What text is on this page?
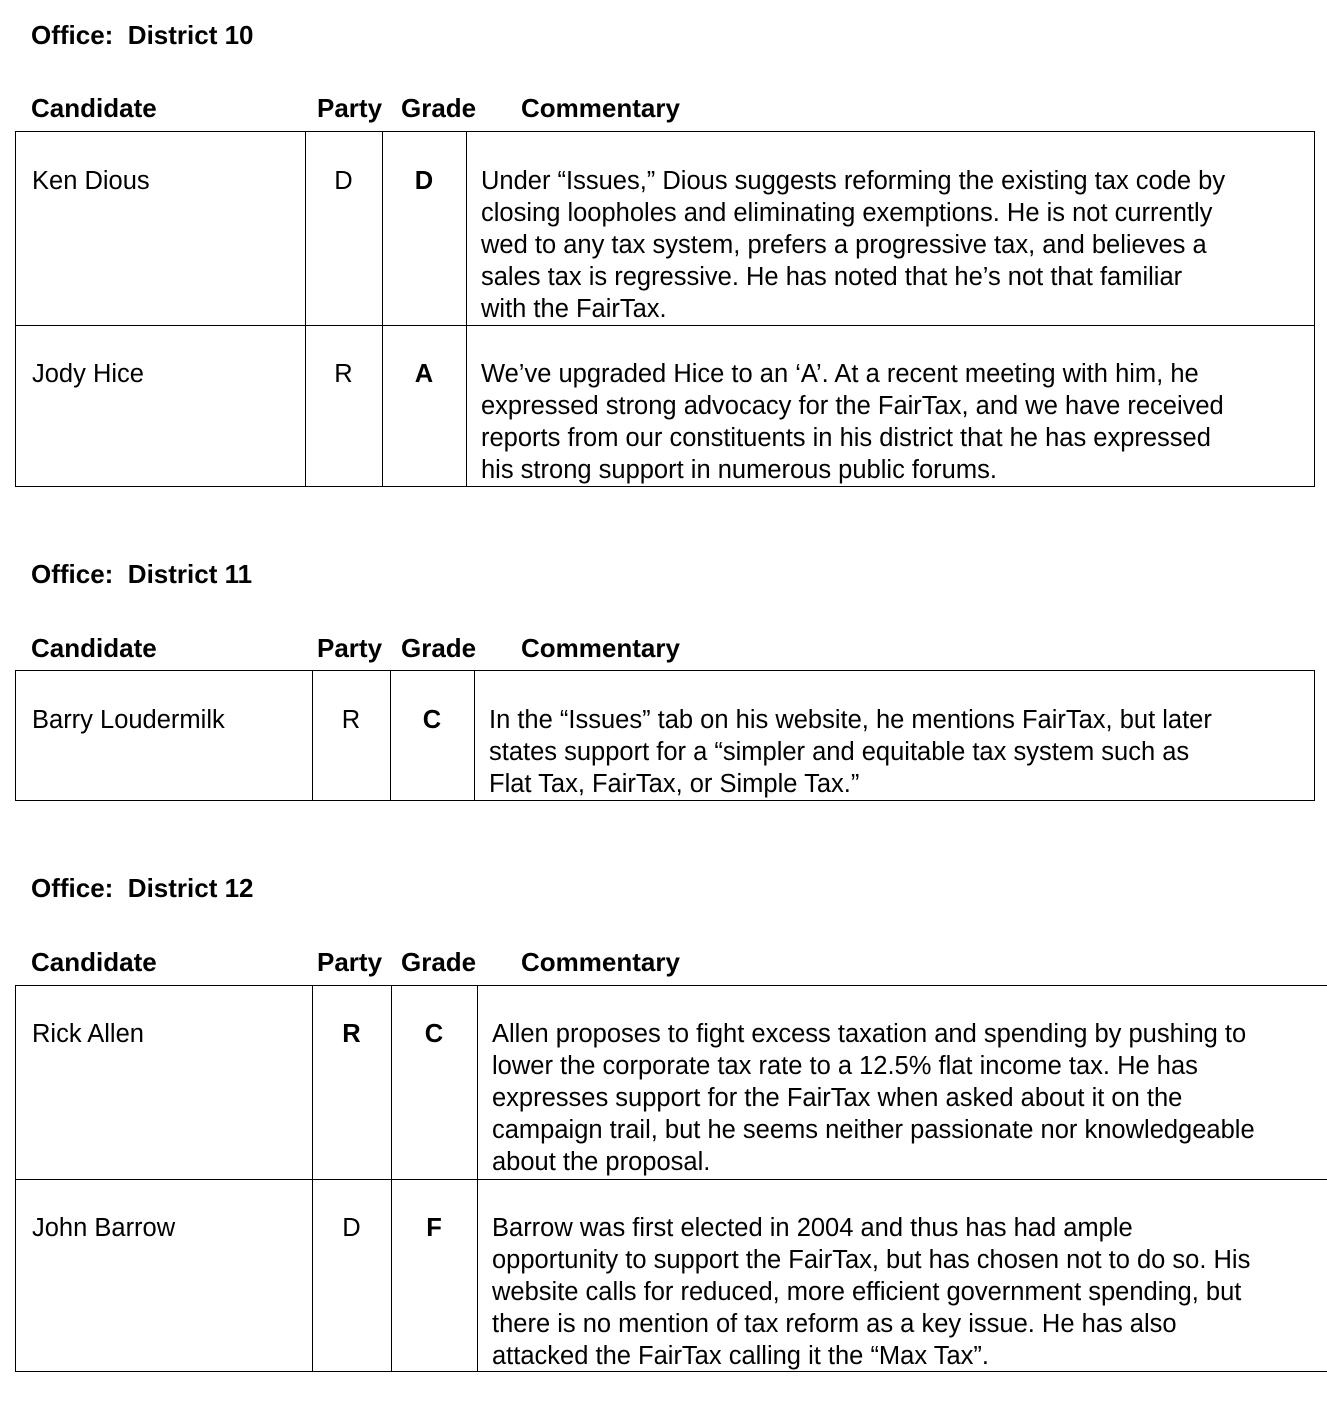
Office:  District 10
Candidate	Party Grade Commentary
Ken Dious	D	D	Under “Issues,” Dious suggests reforming the existing tax code by
closing loopholes and eliminating exemptions. He is not currently
wed to any tax system, prefers a progressive tax, and believes a
sales tax is regressive. He has noted that he’s not that familiar
with the FairTax.
Jody Hice	R	A	We’ve upgraded Hice to an ‘A’. At a recent meeting with him, he
expressed strong advocacy for the FairTax, and we have received
reports from our constituents in his district that he has expressed
his strong support in numerous public forums.
Office:  District 11
Candidate	Party Grade Commentary
Barry Loudermilk	R	C	In the “Issues” tab on his website, he mentions FairTax, but later
states support for a “simpler and equitable tax system such as
Flat Tax, FairTax, or Simple Tax.”
Office:  District 12
Candidate	Party Grade Commentary
Rick Allen	R	C	Allen proposes to fight excess taxation and spending by pushing to
lower the corporate tax rate to a 12.5% flat income tax. He has
expresses support for the FairTax when asked about it on the
campaign trail, but he seems neither passionate nor knowledgeable
about the proposal.
John Barrow	D	F	Barrow was first elected in 2004 and thus has had ample
opportunity to support the FairTax, but has chosen not to do so. His
website calls for reduced, more efficient government spending, but
there is no mention of tax reform as a key issue. He has also
attacked the FairTax calling it the “Max Tax”.
